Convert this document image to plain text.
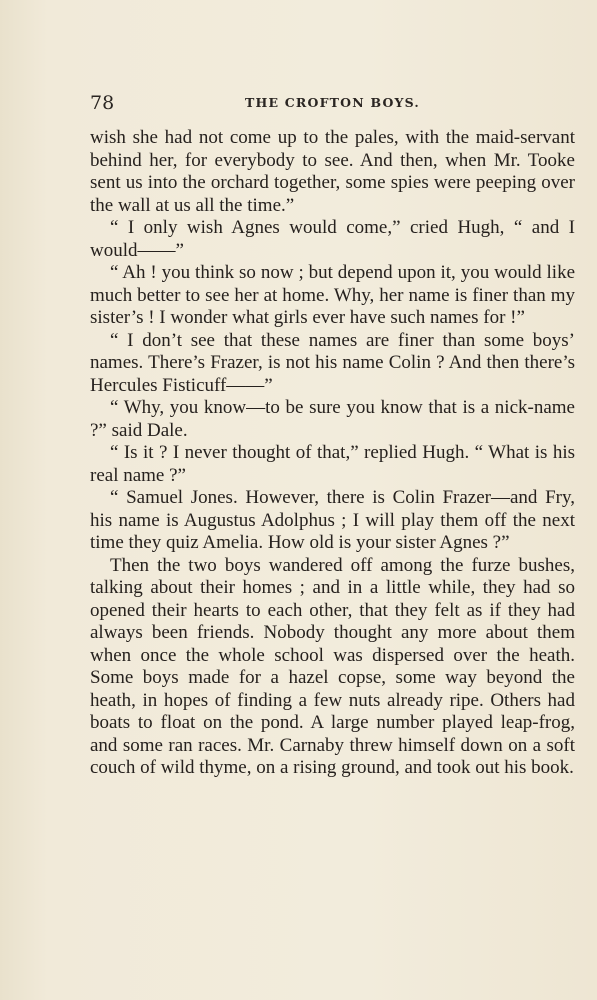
78	THE CROFTON BOYS.

wish she had not come up to the pales, with the maid-servant behind her, for everybody to see. And then, when Mr. Tooke sent us into the orchard together, some spies were peeping over the wall at us all the time.”

“ I only wish Agnes would come,” cried Hugh, “ and I would——”

“ Ah ! you think so now ; but depend upon it, you would like much better to see her at home. Why, her name is finer than my sister’s ! I wonder what girls ever have such names for !”

“ I don’t see that these names are finer than some boys’ names. There’s Frazer, is not his name Colin ? And then there’s Hercules Fisticuff——”

“ Why, you know—to be sure you know that is a nick-name ?” said Dale.

“ Is it ? I never thought of that,” replied Hugh. “ What is his real name ?”

“ Samuel Jones. However, there is Colin Frazer—and Fry, his name is Augustus Adolphus ; I will play them off the next time they quiz Amelia. How old is your sister Agnes ?”

Then the two boys wandered off among the furze bushes, talking about their homes ; and in a little while, they had so opened their hearts to each other, that they felt as if they had always been friends. Nobody thought any more about them when once the whole school was dispersed over the heath. Some boys made for a hazel copse, some way beyond the heath, in hopes of finding a few nuts already ripe. Others had boats to float on the pond. A large number played leap-frog, and some ran races. Mr. Carnaby threw himself down on a soft couch of wild thyme, on a rising ground, and took out his book.
